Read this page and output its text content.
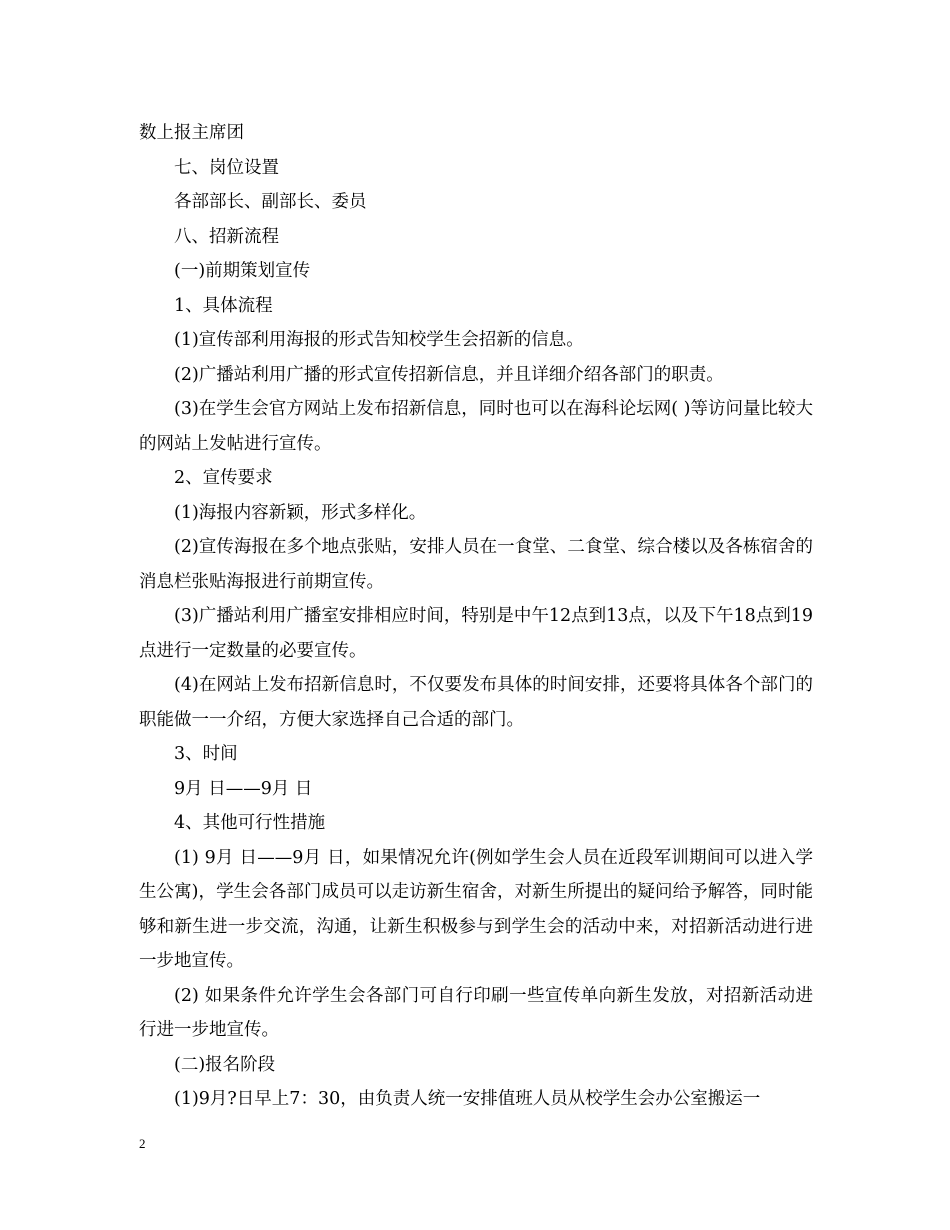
数上报主席团

七、岗位设置

各部部长、副部长、委员

八、招新流程

(一)前期策划宣传

1、具体流程

(1)宣传部利用海报的形式告知校学生会招新的信息。

(2)广播站利用广播的形式宣传招新信息，并且详细介绍各部门的职责。

(3)在学生会官方网站上发布招新信息，同时也可以在海科论坛网( )等访问量比较大的网站上发帖进行宣传。

2、宣传要求

(1)海报内容新颖，形式多样化。

(2)宣传海报在多个地点张贴，安排人员在一食堂、二食堂、综合楼以及各栋宿舍的消息栏张贴海报进行前期宣传。

(3)广播站利用广播室安排相应时间，特别是中午12点到13点，以及下午18点到19点进行一定数量的必要宣传。

(4)在网站上发布招新信息时，不仅要发布具体的时间安排，还要将具体各个部门的职能做一一介绍，方便大家选择自己合适的部门。

3、时间

9月 日——9月 日

4、其他可行性措施

(1) 9月 日——9月 日，如果情况允许(例如学生会人员在近段军训期间可以进入学生公寓)，学生会各部门成员可以走访新生宿舍，对新生所提出的疑问给予解答，同时能够和新生进一步交流，沟通，让新生积极参与到学生会的活动中来，对招新活动进行进一步地宣传。

(2) 如果条件允许学生会各部门可自行印刷一些宣传单向新生发放，对招新活动进行进一步地宣传。

(二)报名阶段

(1)9月?日早上7：30，由负责人统一安排值班人员从校学生会办公室搬运一

2
